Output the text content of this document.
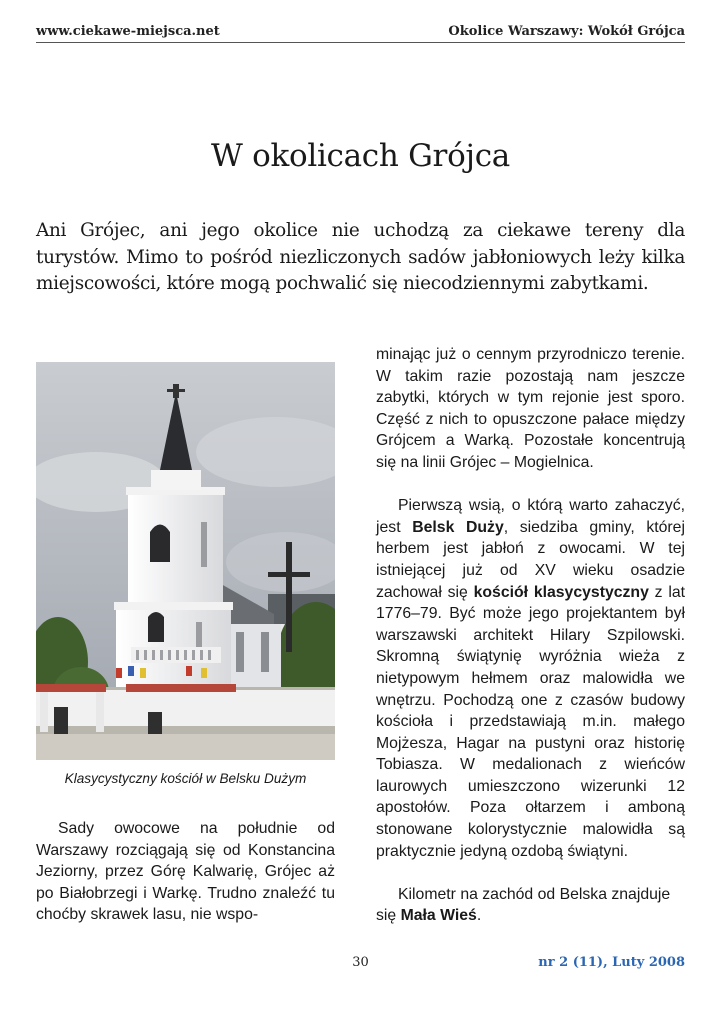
www.ciekawe-miejsca.net	Okolice Warszawy: Wokół Grójca
W okolicach Grójca
Ani Grójec, ani jego okolice nie uchodzą za ciekawe tereny dla turystów. Mimo to pośród niezliczonych sadów jabłoniowych leży kilka miejscowości, które mogą pochwalić się niecodziennymi zabytkami.
Klasycystyczny kościół w Belsku Dużym

Sady owocowe na południe od Warszawy rozciągają się od Konstancina Jeziorny, przez Górę Kalwarię, Grójec aż po Białobrzegi i Warkę. Trudno znaleźć tu choćby skrawek lasu, nie wspo-

minając już o cennym przyrodniczo terenie. W takim razie pozostają nam jeszcze zabytki, których w tym rejonie jest sporo. Część z nich to opuszczone pałace między Grójcem a Warką. Pozostałe koncentrują się na linii Grójec – Mogielnica.

Pierwszą wsią, o którą warto zahaczyć, jest Belsk Duży, siedziba gminy, której herbem jest jabłoń z owocami. W tej istniejącej już od XV wieku osadzie zachował się kościół klasycystyczny z lat 1776–79. Być może jego projektantem był warszawski architekt Hilary Szpilowski. Skromną świątynię wyróżnia wieża z nietypowym hełmem oraz malowidła we wnętrzu. Pochodzą one z czasów budowy kościoła i przedstawiają m.in. małego Mojżesza, Hagar na pustyni oraz historię Tobiasza. W medalionach z wieńców laurowych umieszczono wizerunki 12 apostołów. Poza ołtarzem i amboną stonowane kolorystycznie malowidła są praktycznie jedyną ozdobą świątyni.

Kilometr na zachód od Belska znajduje się Mała Wieś.

30	nr 2 (11), Luty 2008
